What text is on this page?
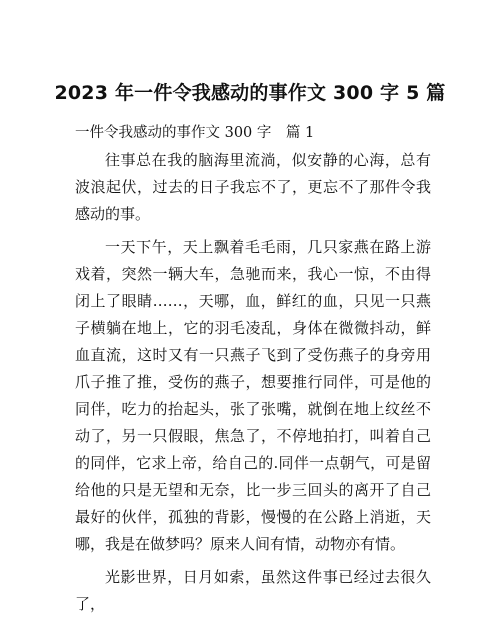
2023 年一件令我感动的事作文 300 字 5 篇

一件令我感动的事作文 300 字　篇 1

往事总在我的脑海里流淌，似安静的心海，总有波浪起伏，过去的日子我忘不了，更忘不了那件令我感动的事。

一天下午，天上飘着毛毛雨，几只家燕在路上游戏着，突然一辆大车，急驰而来，我心一惊，不由得闭上了眼睛……，天哪，血，鲜红的血，只见一只燕子横躺在地上，它的羽毛凌乱，身体在微微抖动，鲜血直流，这时又有一只燕子飞到了受伤燕子的身旁用爪子推了推，受伤的燕子，想要推行同伴，可是他的同伴，吃力的抬起头，张了张嘴，就倒在地上纹丝不动了，另一只假眼，焦急了，不停地拍打，叫着自己的同伴，它求上帝，给自己的.同伴一点朝气，可是留给他的只是无望和无奈，比一步三回头的离开了自己最好的伙伴，孤独的背影，慢慢的在公路上消逝，天哪，我是在做梦吗？原来人间有情，动物亦有情。

光影世界，日月如索，虽然这件事已经过去很久了，
